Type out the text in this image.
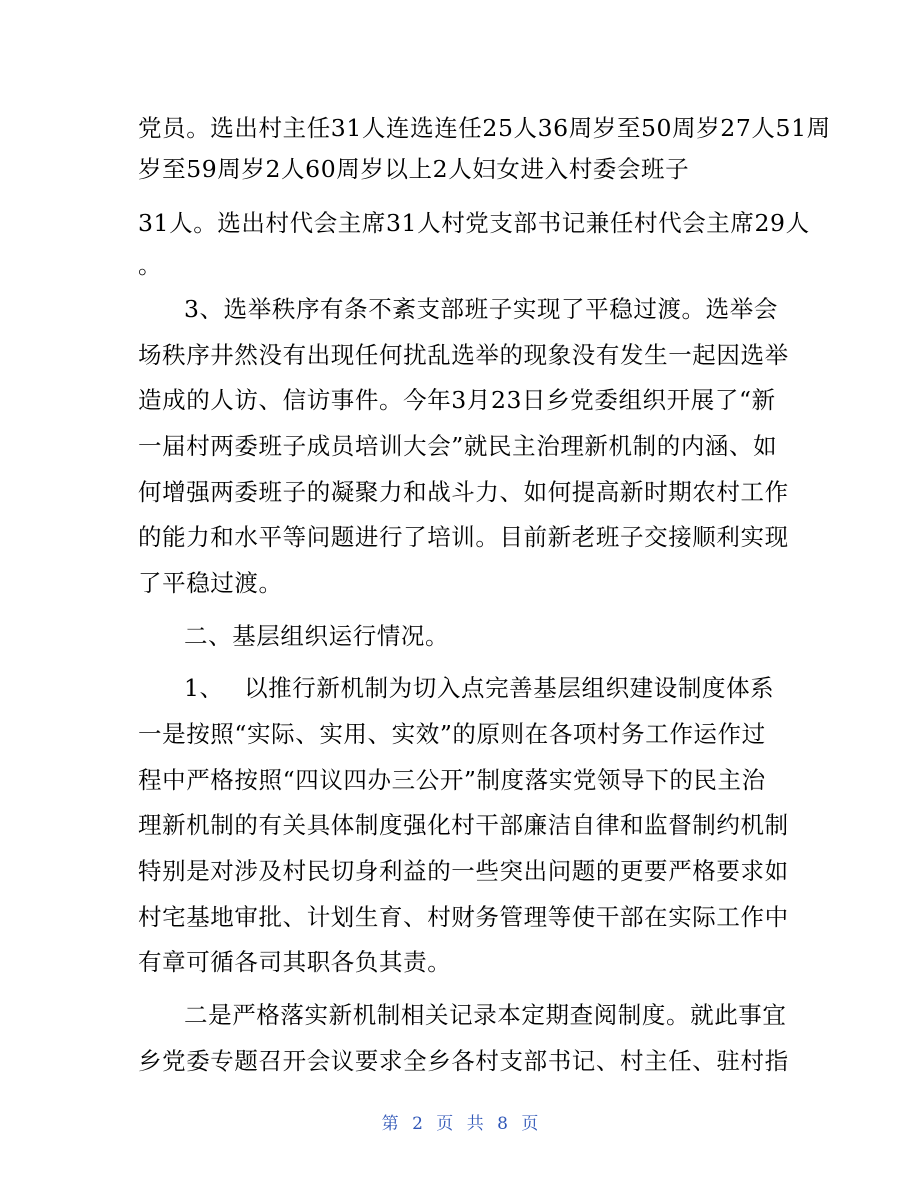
党员。选出村主任31人连选连任25人36周岁至50周岁27人51周
岁至59周岁2人60周岁以上2人妇女进入村委会班子
31人。选出村代会主席31人村党支部书记兼任村代会主席29人
。
3、选举秩序有条不紊支部班子实现了平稳过渡。选举会
场秩序井然没有出现任何扰乱选举的现象没有发生一起因选举
造成的人访、信访事件。今年3月23日乡党委组织开展了“新
一届村两委班子成员培训大会”就民主治理新机制的内涵、如
何增强两委班子的凝聚力和战斗力、如何提高新时期农村工作
的能力和水平等问题进行了培训。目前新老班子交接顺利实现
了平稳过渡。
二、基层组织运行情况。
1、　 以推行新机制为切入点完善基层组织建设制度体系
一是按照“实际、实用、实效”的原则在各项村务工作运作过
程中严格按照“四议四办三公开”制度落实党领导下的民主治
理新机制的有关具体制度强化村干部廉洁自律和监督制约机制
特别是对涉及村民切身利益的一些突出问题的更要严格要求如
村宅基地审批、计划生育、村财务管理等使干部在实际工作中
有章可循各司其职各负其责。
二是严格落实新机制相关记录本定期查阅制度。就此事宜
乡党委专题召开会议要求全乡各村支部书记、村主任、驻村指
第 2 页 共 8 页
